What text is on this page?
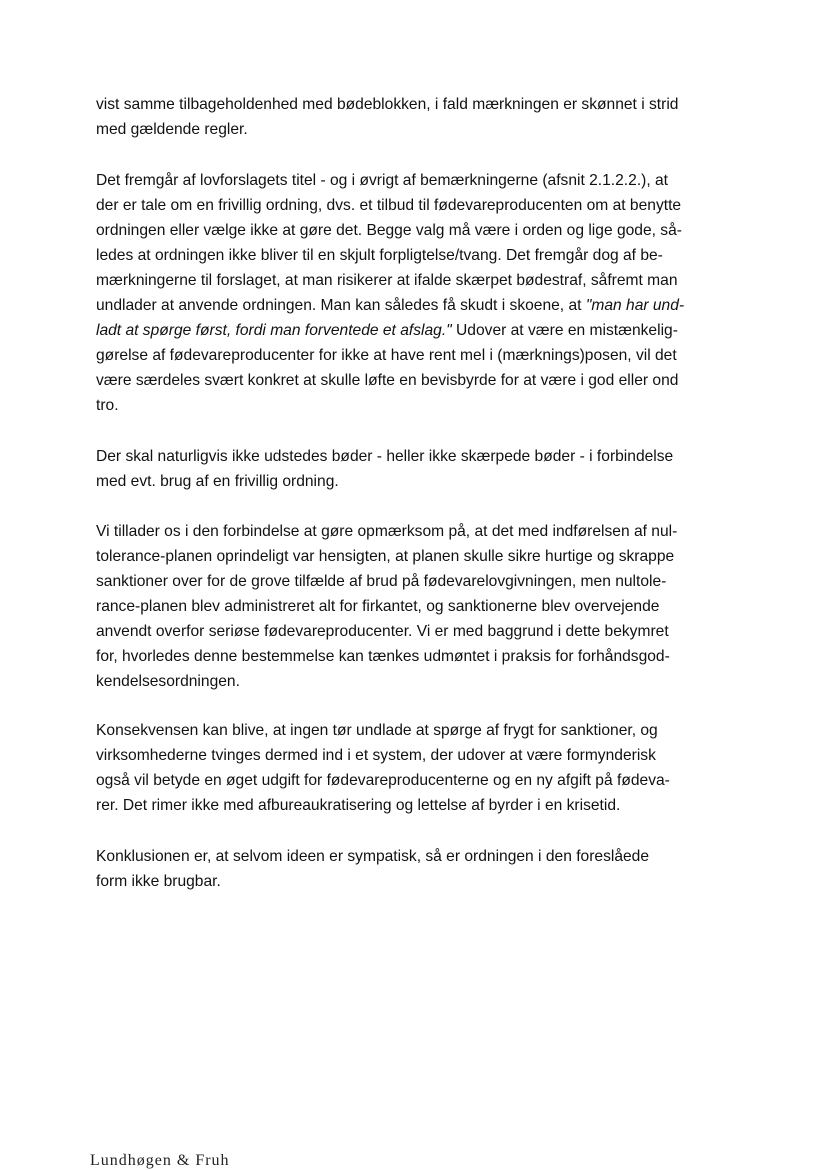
vist samme tilbageholdenhed med bødeblokken, i fald mærkningen er skønnet i strid
med gældende regler.
Det fremgår af lovforslagets titel - og i øvrigt af bemærkningerne (afsnit 2.1.2.2.), at
der er tale om en frivillig ordning, dvs. et tilbud til fødevareproducenten om at benytte
ordningen eller vælge ikke at gøre det. Begge valg må være i orden og lige gode, så-
ledes at ordningen ikke bliver til en skjult forpligtelse/tvang. Det fremgår dog af be-
mærkningerne til forslaget, at man risikerer at ifalde skærpet bødestraf, såfremt man
undlader at anvende ordningen. Man kan således få skudt i skoene, at "man har und-
ladt at spørge først, fordi man forventede et afslag." Udover at være en mistænkelig-
gørelse af fødevareproducenter for ikke at have rent mel i (mærknings)posen, vil det
være særdeles svært konkret at skulle løfte en bevisbyrde for at være i god eller ond
tro.
Der skal naturligvis ikke udstedes bøder - heller ikke skærpede bøder - i forbindelse
med evt. brug af en frivillig ordning.
Vi tillader os i den forbindelse at gøre opmærksom på, at det med indførelsen af nul-
tolerance-planen oprindeligt var hensigten, at planen skulle sikre hurtige og skrappe
sanktioner over for de grove tilfælde af brud på fødevarelovgivningen, men nultole-
rance-planen blev administreret alt for firkantet, og sanktionerne blev overvejende
anvendt overfor seriøse fødevareproducenter. Vi er med baggrund i dette bekymret
for, hvorledes denne bestemmelse kan tænkes udmøntet i praksis for forhåndsgod-
kendelsesordningen.
Konsekvensen kan blive, at ingen tør undlade at spørge af frygt for sanktioner, og
virksomhederne tvinges dermed ind i et system, der udover at være formynderisk
også vil betyde en øget udgift for fødevareproducenterne og en ny afgift på fødeva-
rer. Det rimer ikke med afbureaukratisering og lettelse af byrder i en krisetid.
Konklusionen er, at selvom ideen er sympatisk, så er ordningen i den foreslåede
form ikke brugbar.
Lundhøgen & Fruh
